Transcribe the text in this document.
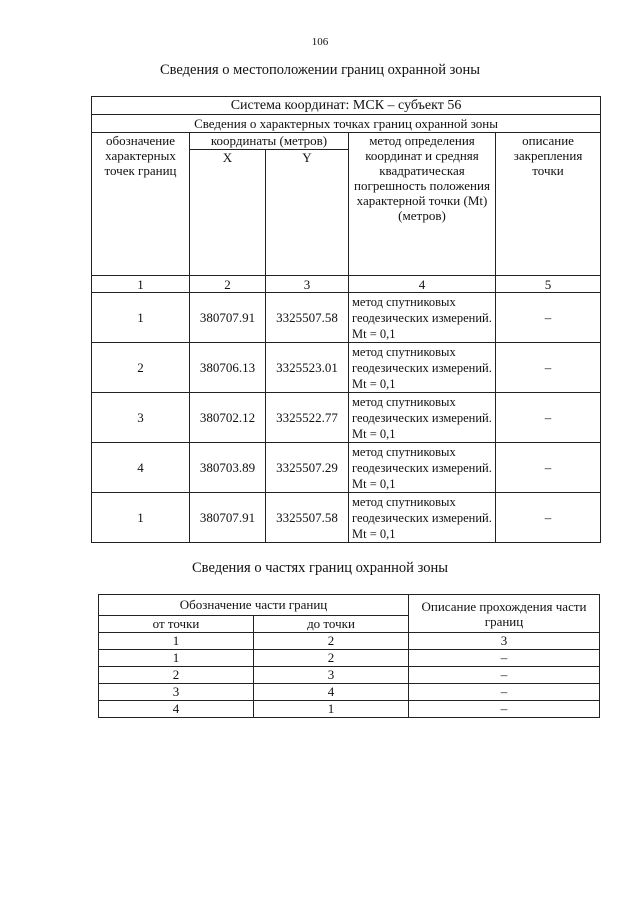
106
Сведения о местоположении границ охранной зоны
Система координат: МСК – субъект 56				
Сведения о характерных точках границ охранной зоны				
обозначение характерных точек границ	координаты (метров)		метод определения координат и средняя квадратическая погрешность положения характерной точки (Mt) (метров)	описание закрепления точки
	X	Y		
1	2	3	4	5
1	380707.91	3325507.58	метод спутниковых геодезических измерений. Mt = 0,1	–
2	380706.13	3325523.01	метод спутниковых геодезических измерений. Mt = 0,1	–
3	380702.12	3325522.77	метод спутниковых геодезических измерений. Mt = 0,1	–
4	380703.89	3325507.29	метод спутниковых геодезических измерений. Mt = 0,1	–
1	380707.91	3325507.58	метод спутниковых геодезических измерений. Mt = 0,1	–
Сведения о частях границ охранной зоны
Обозначение части границ		Описание прохождения части границ
от точки	до точки	
1	2	3
1	2	–
2	3	–
3	4	–
4	1	–
